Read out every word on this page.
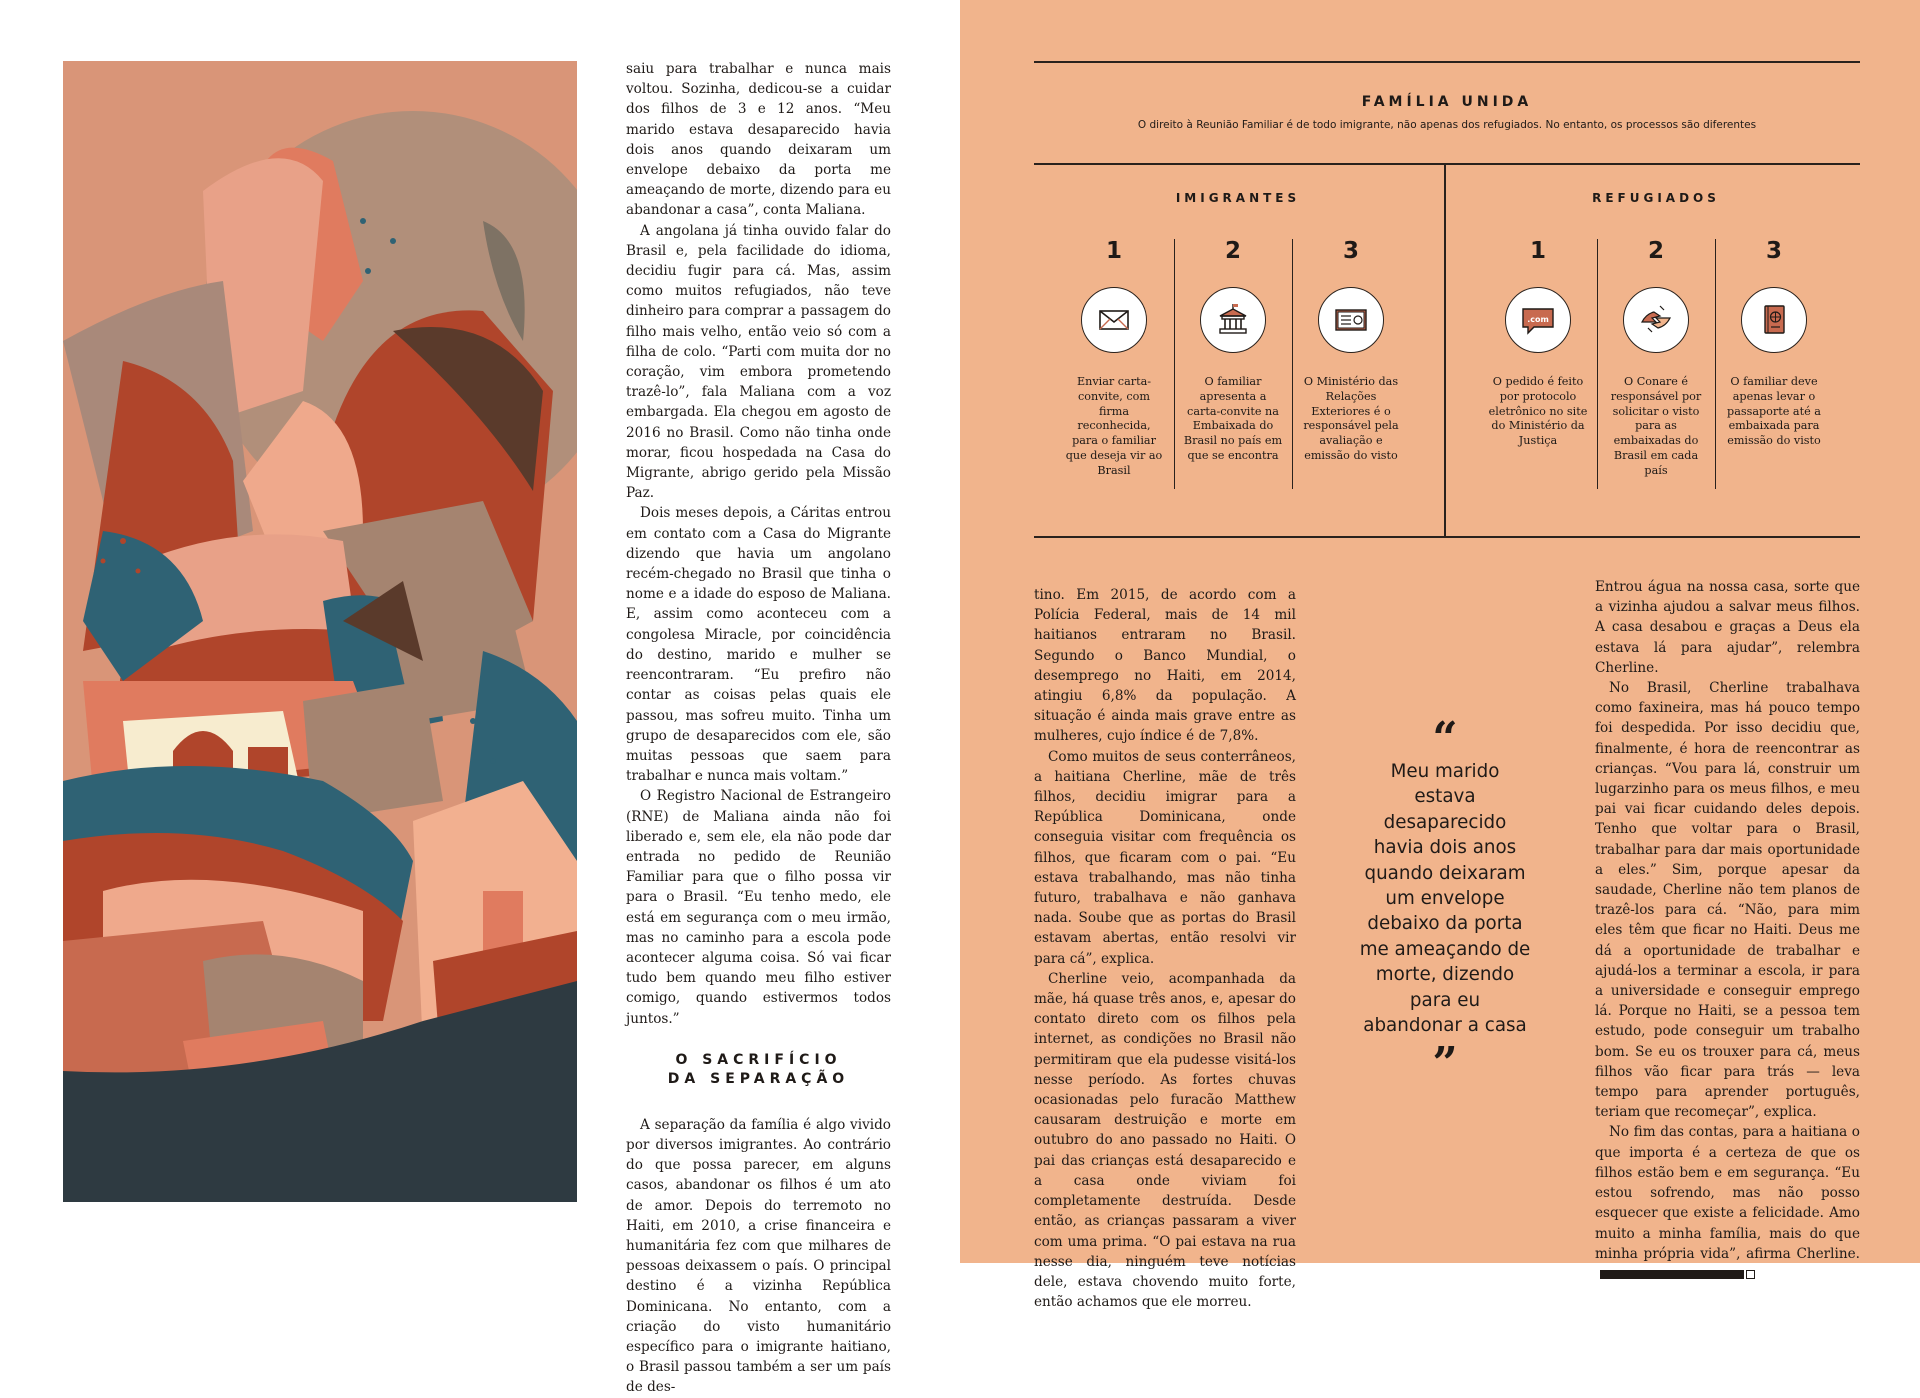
saiu para trabalhar e nunca mais voltou. Sozinha, dedicou-se a cuidar dos filhos de 3 e 12 anos. “Meu marido estava desaparecido havia dois anos quando deixaram um envelope debaixo da porta me ameaçando de morte, dizendo para eu abandonar a casa”, conta Maliana.

A angolana já tinha ouvido falar do Brasil e, pela facilidade do idioma, decidiu fugir para cá. Mas, assim como muitos refugiados, não teve dinheiro para comprar a passagem do filho mais velho, então veio só com a filha de colo. “Parti com muita dor no coração, vim embora prometendo trazê-lo”, fala Maliana com a voz embargada. Ela chegou em agosto de 2016 no Brasil. Como não tinha onde morar, ficou hospedada na Casa do Migrante, abrigo gerido pela Missão Paz.

Dois meses depois, a Cáritas entrou em contato com a Casa do Migrante dizendo que havia um angolano recém-chegado no Brasil que tinha o nome e a idade do esposo de Maliana. E, assim como aconteceu com a congolesa Miracle, por coincidência do destino, marido e mulher se reencontraram. “Eu prefiro não contar as coisas pelas quais ele passou, mas sofreu muito. Tinha um grupo de desaparecidos com ele, são muitas pessoas que saem para trabalhar e nunca mais voltam.”

O Registro Nacional de Estrangeiro (RNE) de Maliana ainda não foi liberado e, sem ele, ela não pode dar entrada no pedido de Reunião Familiar para que o filho possa vir para o Brasil. “Eu tenho medo, ele está em segurança com o meu irmão, mas no caminho para a escola pode acontecer alguma coisa. Só vai ficar tudo bem quando meu filho estiver comigo, quando estivermos todos juntos.”

O SACRIFÍCIO
DA SEPARAÇÃO

A separação da família é algo vivido por diversos imigrantes. Ao contrário do que possa parecer, em alguns casos, abandonar os filhos é um ato de amor. Depois do terremoto no Haiti, em 2010, a crise financeira e humanitária fez com que milhares de pessoas deixassem o país. O principal destino é a vizinha República Dominicana. No entanto, com a criação do visto humanitário específico para o imigrante haitiano, o Brasil passou também a ser um país de des-

FAMÍLIA UNIDA
O direito à Reunião Familiar é de todo imigrante, não apenas dos refugiados. No entanto, os processos são diferentes
IMIGRANTES	REFUGIADOS
1
Enviar carta-convite, com firma reconhecida, para o familiar que deseja vir ao Brasil
2
O familiar apresenta a carta-convite na Embaixada do Brasil no país em que se encontra
3
O Ministério das Relações Exteriores é o responsável pela avaliação e emissão do visto
1
.com
O pedido é feito por protocolo eletrônico no site do Ministério da Justiça
2
O Conare é responsável por solicitar o visto para as embaixadas do Brasil em cada país
3
O familiar deve apenas levar o passaporte até a embaixada para emissão do visto

tino. Em 2015, de acordo com a Polícia Federal, mais de 14 mil haitianos entraram no Brasil. Segundo o Banco Mundial, o desemprego no Haiti, em 2014, atingiu 6,8% da população. A situação é ainda mais grave entre as mulheres, cujo índice é de 7,8%.

Como muitos de seus conterrâneos, a haitiana Cherline, mãe de três filhos, decidiu imigrar para a República Dominicana, onde conseguia visitar com frequência os filhos, que ficaram com o pai. “Eu estava trabalhando, mas não tinha futuro, trabalhava e não ganhava nada. Soube que as portas do Brasil estavam abertas, então resolvi vir para cá”, explica.

Cherline veio, acompanhada da mãe, há quase três anos, e, apesar do contato direto com os filhos pela internet, as condições no Brasil não permitiram que ela pudesse visitá-los nesse período. As fortes chuvas ocasionadas pelo furacão Matthew causaram destruição e morte em outubro do ano passado no Haiti. O pai das crianças está desaparecido e a casa onde viviam foi completamente destruída. Desde então, as crianças passaram a viver com uma prima. “O pai estava na rua nesse dia, ninguém teve notícias dele, estava chovendo muito forte, então achamos que ele morreu.

“
Meu marido estava desaparecido havia dois anos quando deixaram um envelope debaixo da porta me ameaçando de morte, dizendo para eu abandonar a casa
”

Entrou água na nossa casa, sorte que a vizinha ajudou a salvar meus filhos. A casa desabou e graças a Deus ela estava lá para ajudar”, relembra Cherline.

No Brasil, Cherline trabalhava como faxineira, mas há pouco tempo foi despedida. Por isso decidiu que, finalmente, é hora de reencontrar as crianças. “Vou para lá, construir um lugarzinho para os meus filhos, e meu pai vai ficar cuidando deles depois. Tenho que voltar para o Brasil, trabalhar para dar mais oportunidade a eles.” Sim, porque apesar da saudade, Cherline não tem planos de trazê-los para cá. “Não, para mim eles têm que ficar no Haiti. Deus me dá a oportunidade de trabalhar e ajudá-los a terminar a escola, ir para a universidade e conseguir emprego lá. Porque no Haiti, se a pessoa tem estudo, pode conseguir um trabalho bom. Se eu os trouxer para cá, meus filhos vão ficar para trás — leva tempo para aprender português, teriam que recomeçar”, explica.

No fim das contas, para a haitiana o que importa é a certeza de que os filhos estão bem e em segurança. “Eu estou sofrendo, mas não posso esquecer que existe a felicidade. Amo muito a minha família, mais do que minha própria vida”, afirma Cherline.
